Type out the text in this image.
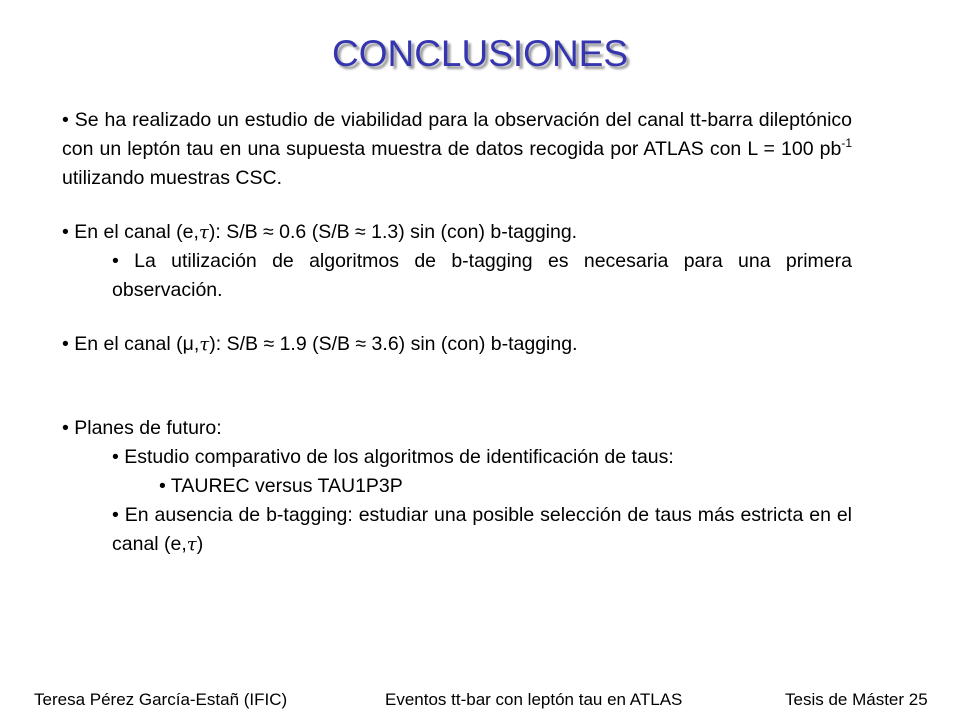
CONCLUSIONES

• Se ha realizado un estudio de viabilidad para la observación del canal tt-barra dileptónico con un leptón tau en una supuesta muestra de datos recogida por ATLAS con L = 100 $pb^{-1}$ utilizando muestras CSC.

• En el canal (e,τ): S/B ≈ 0.6 (S/B ≈ 1.3) sin (con) b-tagging.

• La utilización de algoritmos de b-tagging es necesaria para una primera observación.

• En el canal (μ,τ): S/B ≈ 1.9 (S/B ≈ 3.6) sin (con) b-tagging.

• Planes de futuro:

• Estudio comparativo de los algoritmos de identificación de taus:

• TAUREC versus TAU1P3P

• En ausencia de b-tagging: estudiar una posible selección de taus más estricta en el canal (e,τ)

Teresa Pérez García-Estañ (IFIC)	Eventos tt-bar con leptón tau en ATLAS	Tesis de Máster 25
